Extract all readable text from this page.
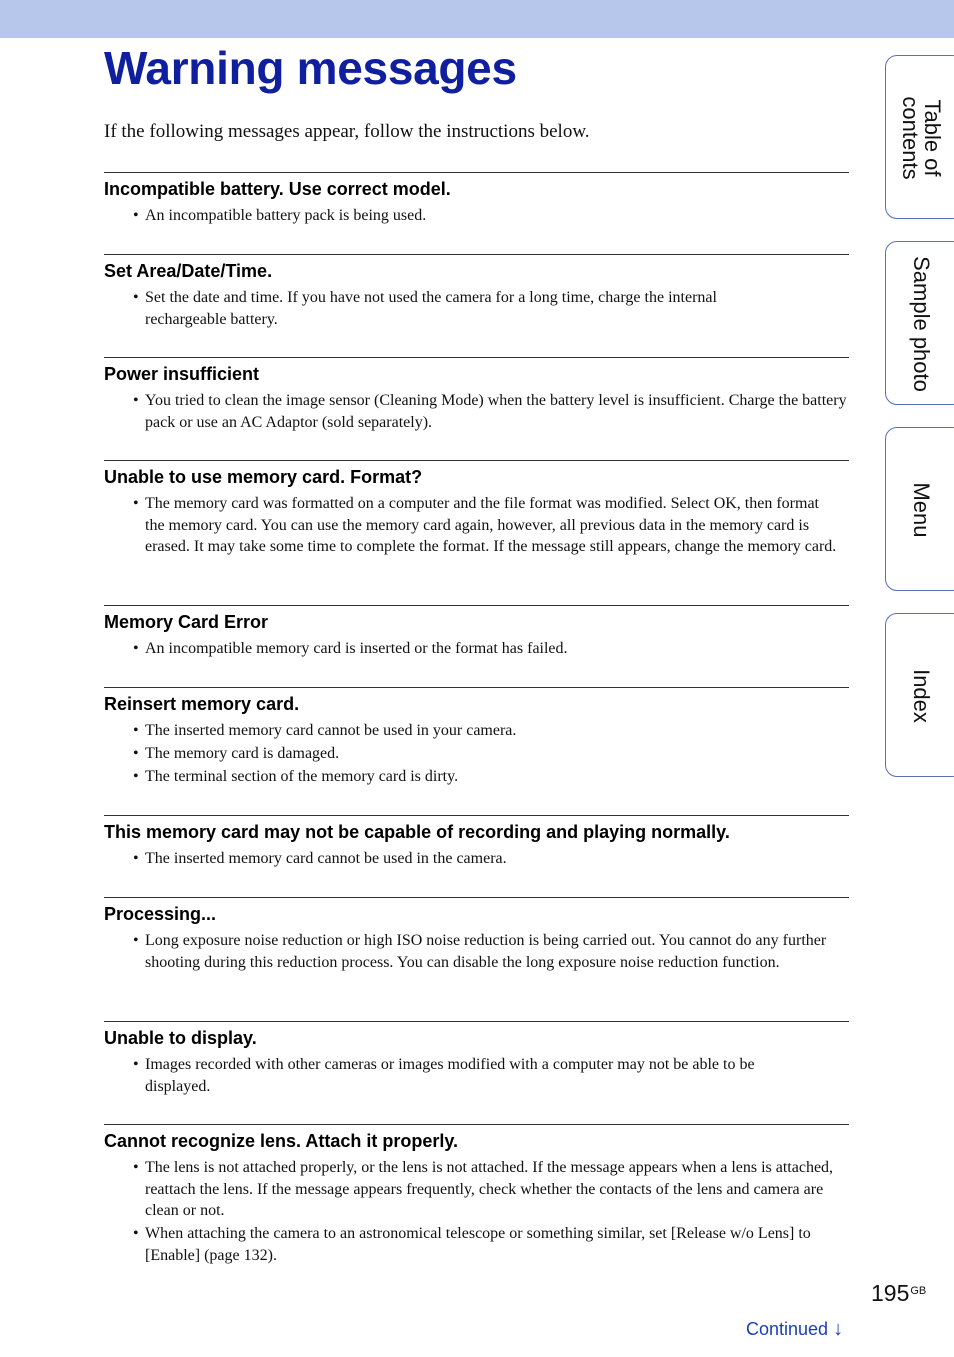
Warning messages

If the following messages appear, follow the instructions below.

Incompatible battery. Use correct model.
• An incompatible battery pack is being used.
Set Area/Date/Time.
• Set the date and time. If you have not used the camera for a long time, charge the internal rechargeable battery.
Power insufficient
• You tried to clean the image sensor (Cleaning Mode) when the battery level is insufficient. Charge the battery pack or use an AC Adaptor (sold separately).
Unable to use memory card. Format?
• The memory card was formatted on a computer and the file format was modified. Select OK, then format the memory card. You can use the memory card again, however, all previous data in the memory card is erased. It may take some time to complete the format. If the message still appears, change the memory card.
Memory Card Error
• An incompatible memory card is inserted or the format has failed.
Reinsert memory card.
• The inserted memory card cannot be used in your camera.
• The memory card is damaged.
• The terminal section of the memory card is dirty.
This memory card may not be capable of recording and playing normally.
• The inserted memory card cannot be used in the camera.
Processing...
• Long exposure noise reduction or high ISO noise reduction is being carried out. You cannot do any further shooting during this reduction process. You can disable the long exposure noise reduction function.
Unable to display.
• Images recorded with other cameras or images modified with a computer may not be able to be displayed.
Cannot recognize lens. Attach it properly.
• The lens is not attached properly, or the lens is not attached. If the message appears when a lens is attached, reattach the lens. If the message appears frequently, check whether the contacts of the lens and camera are clean or not.
• When attaching the camera to an astronomical telescope or something similar, set [Release w/o Lens] to [Enable] (page 132).
Table of contents
Sample photo
Menu
Index
$195^{GB}$
Continued ↓
